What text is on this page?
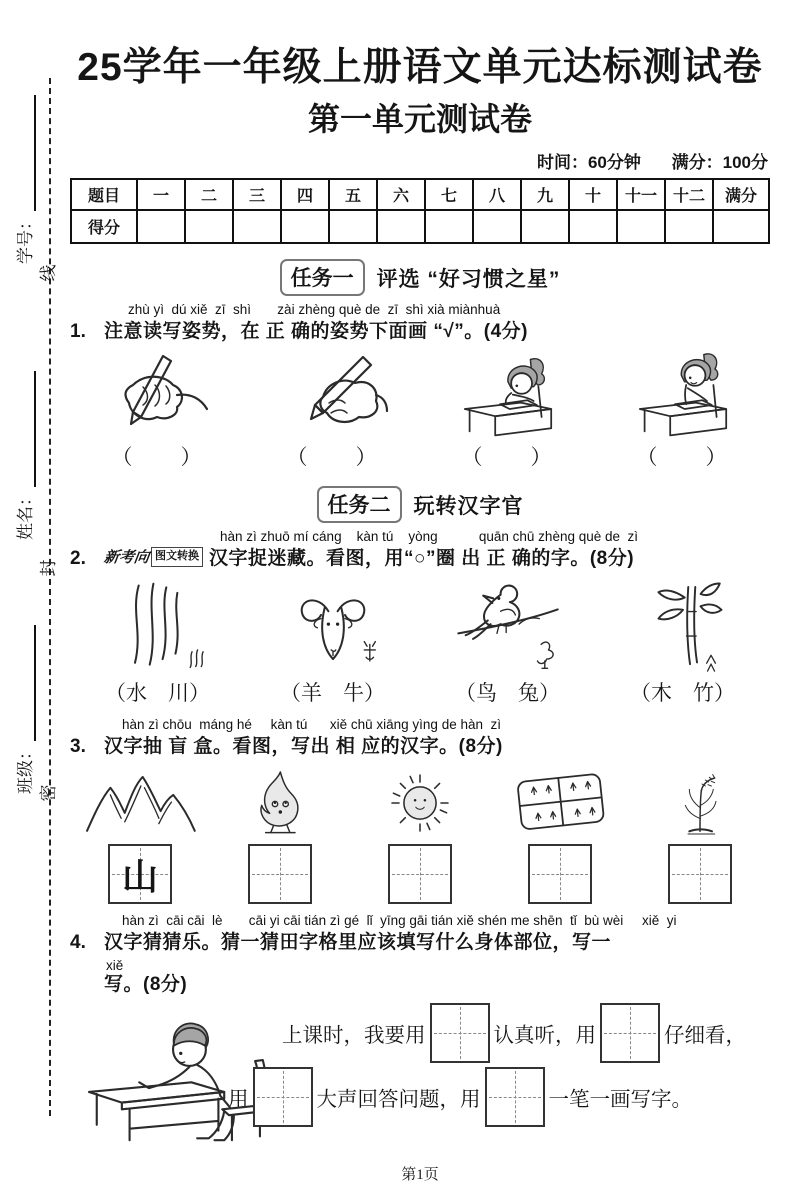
学号：
姓名：
班级：
线
封
密
25学年一年级上册语文单元达标测试卷
第一单元测试卷
时间：60分钟 满分：100分
题目	一	二	三	四	五	六	七	八	九	十	十一	十二	满分
得分													
任务一	评选 “好习惯之星”
zhù yì  dú xiě  zī  shì       zài zhèng què de  zī  shì xià miànhuà
1. 注意读写姿势，在 正 确的姿势下面画 “√”。(4分)
（　　）	（　　）	（　　）	（　　）
任务二	玩转汉字官
hàn zì zhuō mí cáng    kàn tú    yòng           quān chū zhèng què de  zì
2.	新考向 图文转换 汉字捉迷藏。看图，用“○”圈 出 正 确的字。(8分)
（水　川）	（羊　牛）	（鸟　兔）	（木　竹）
hàn zì chōu  máng hé     kàn tú      xiě chū xiāng yìng de hàn  zì
3. 汉字抽 盲 盒。看图，写出 相 应的汉字。(8分)
山
hàn zì  cāi cāi  lè       cāi yi cāi tián zì gé  lǐ  yīng gāi tián xiě shén me shēn  tǐ  bù wèi     xiě  yi
4. 汉字猜猜乐。猜一猜田字格里应该填写什么身体部位，写一
xiě
写。(8分)
上课时，我要用	认真听，用	仔细看，
用	大声回答问题，用	一笔一画写字。
第1页
